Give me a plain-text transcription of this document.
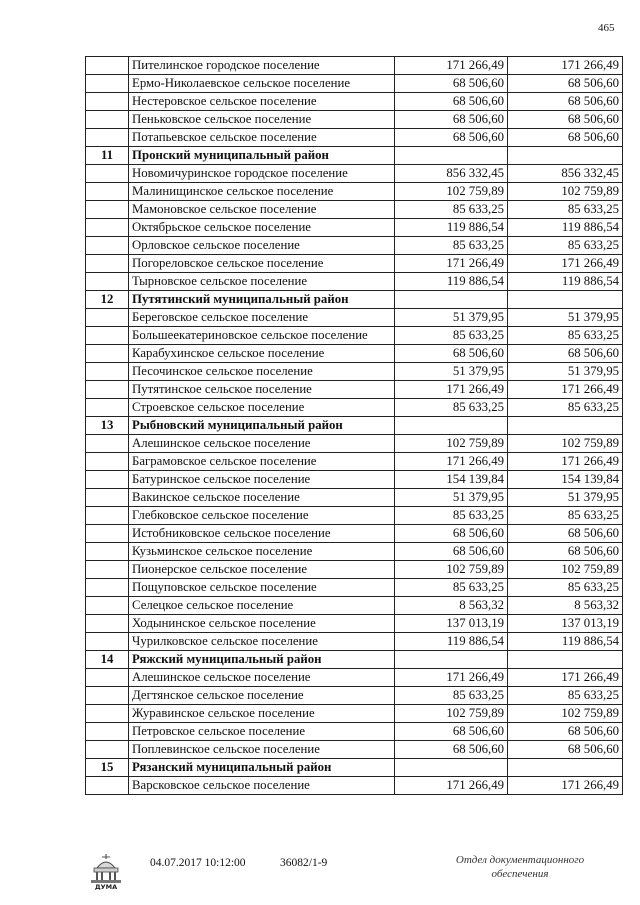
465
	Пителинское городское поселение	171 266,49	171 266,49
	Ермо-Николаевское сельское поселение	68 506,60	68 506,60
	Нестеровское сельское поселение	68 506,60	68 506,60
	Пеньковское сельское поселение	68 506,60	68 506,60
	Потапьевское сельское поселение	68 506,60	68 506,60
11	Пронский муниципальный район		
	Новомичуринское городское поселение	856 332,45	856 332,45
	Малинищинское сельское поселение	102 759,89	102 759,89
	Мамоновское сельское поселение	85 633,25	85 633,25
	Октябрьское сельское поселение	119 886,54	119 886,54
	Орловское сельское поселение	85 633,25	85 633,25
	Погореловское сельское поселение	171 266,49	171 266,49
	Тырновское сельское поселение	119 886,54	119 886,54
12	Путятинский муниципальный район		
	Береговское сельское поселение	51 379,95	51 379,95
	Большеекатериновское сельское поселение	85 633,25	85 633,25
	Карабухинское сельское поселение	68 506,60	68 506,60
	Песочинское сельское поселение	51 379,95	51 379,95
	Путятинское сельское поселение	171 266,49	171 266,49
	Строевское сельское поселение	85 633,25	85 633,25
13	Рыбновский муниципальный район		
	Алешинское сельское поселение	102 759,89	102 759,89
	Баграмовское сельское поселение	171 266,49	171 266,49
	Батуринское сельское поселение	154 139,84	154 139,84
	Вакинское сельское поселение	51 379,95	51 379,95
	Глебковское сельское поселение	85 633,25	85 633,25
	Истобниковское сельское поселение	68 506,60	68 506,60
	Кузьминское сельское поселение	68 506,60	68 506,60
	Пионерское сельское поселение	102 759,89	102 759,89
	Пощуповское сельское поселение	85 633,25	85 633,25
	Селецкое сельское поселение	8 563,32	8 563,32
	Ходынинское сельское поселение	137 013,19	137 013,19
	Чурилковское сельское поселение	119 886,54	119 886,54
14	Ряжский муниципальный район		
	Алешинское сельское поселение	171 266,49	171 266,49
	Дегтянское сельское поселение	85 633,25	85 633,25
	Журавинское сельское поселение	102 759,89	102 759,89
	Петровское сельское поселение	68 506,60	68 506,60
	Поплевинское сельское поселение	68 506,60	68 506,60
15	Рязанский муниципальный район		
	Варсковское сельское поселение	171 266,49	171 266,49
ДУМА
04.07.2017 10:12:00	36082/1-9	Отдел документационного
обеспечения
